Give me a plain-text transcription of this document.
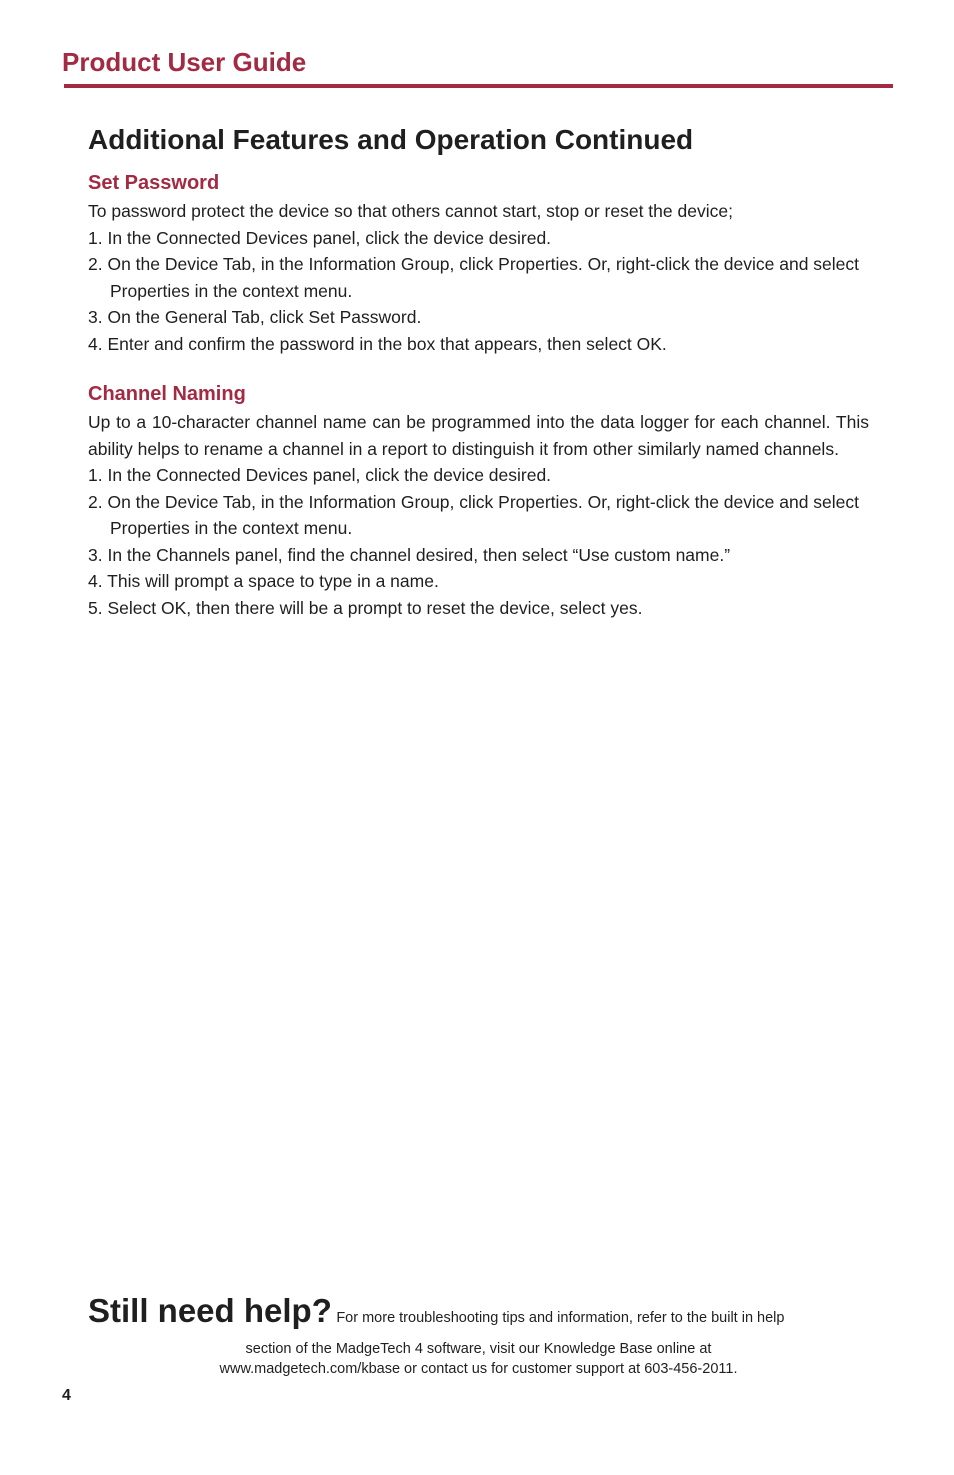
Product User Guide
Additional Features and Operation Continued
Set Password

To password protect the device so that others cannot start, stop or reset the device;

1. In the Connected Devices panel, click the device desired.
2. On the Device Tab, in the Information Group, click Properties. Or, right-click the device and select Properties in the context menu.
3. On the General Tab, click Set Password.
4. Enter and confirm the password in the box that appears, then select OK.
Channel Naming

Up to a 10-character channel name can be programmed into the data logger for each channel. This ability helps to rename a channel in a report to distinguish it from other similarly named channels.

1. In the Connected Devices panel, click the device desired.
2. On the Device Tab, in the Information Group, click Properties. Or, right-click the device and select Properties in the context menu.
3. In the Channels panel, find the channel desired, then select “Use custom name.”
4. This will prompt a space to type in a name.
5. Select OK, then there will be a prompt to reset the device, select yes.

Still need help? For more troubleshooting tips and information, refer to the built in help

section of the MadgeTech 4 software, visit our Knowledge Base online at

www.madgetech.com/kbase or contact us for customer support at 603-456-2011.

4
